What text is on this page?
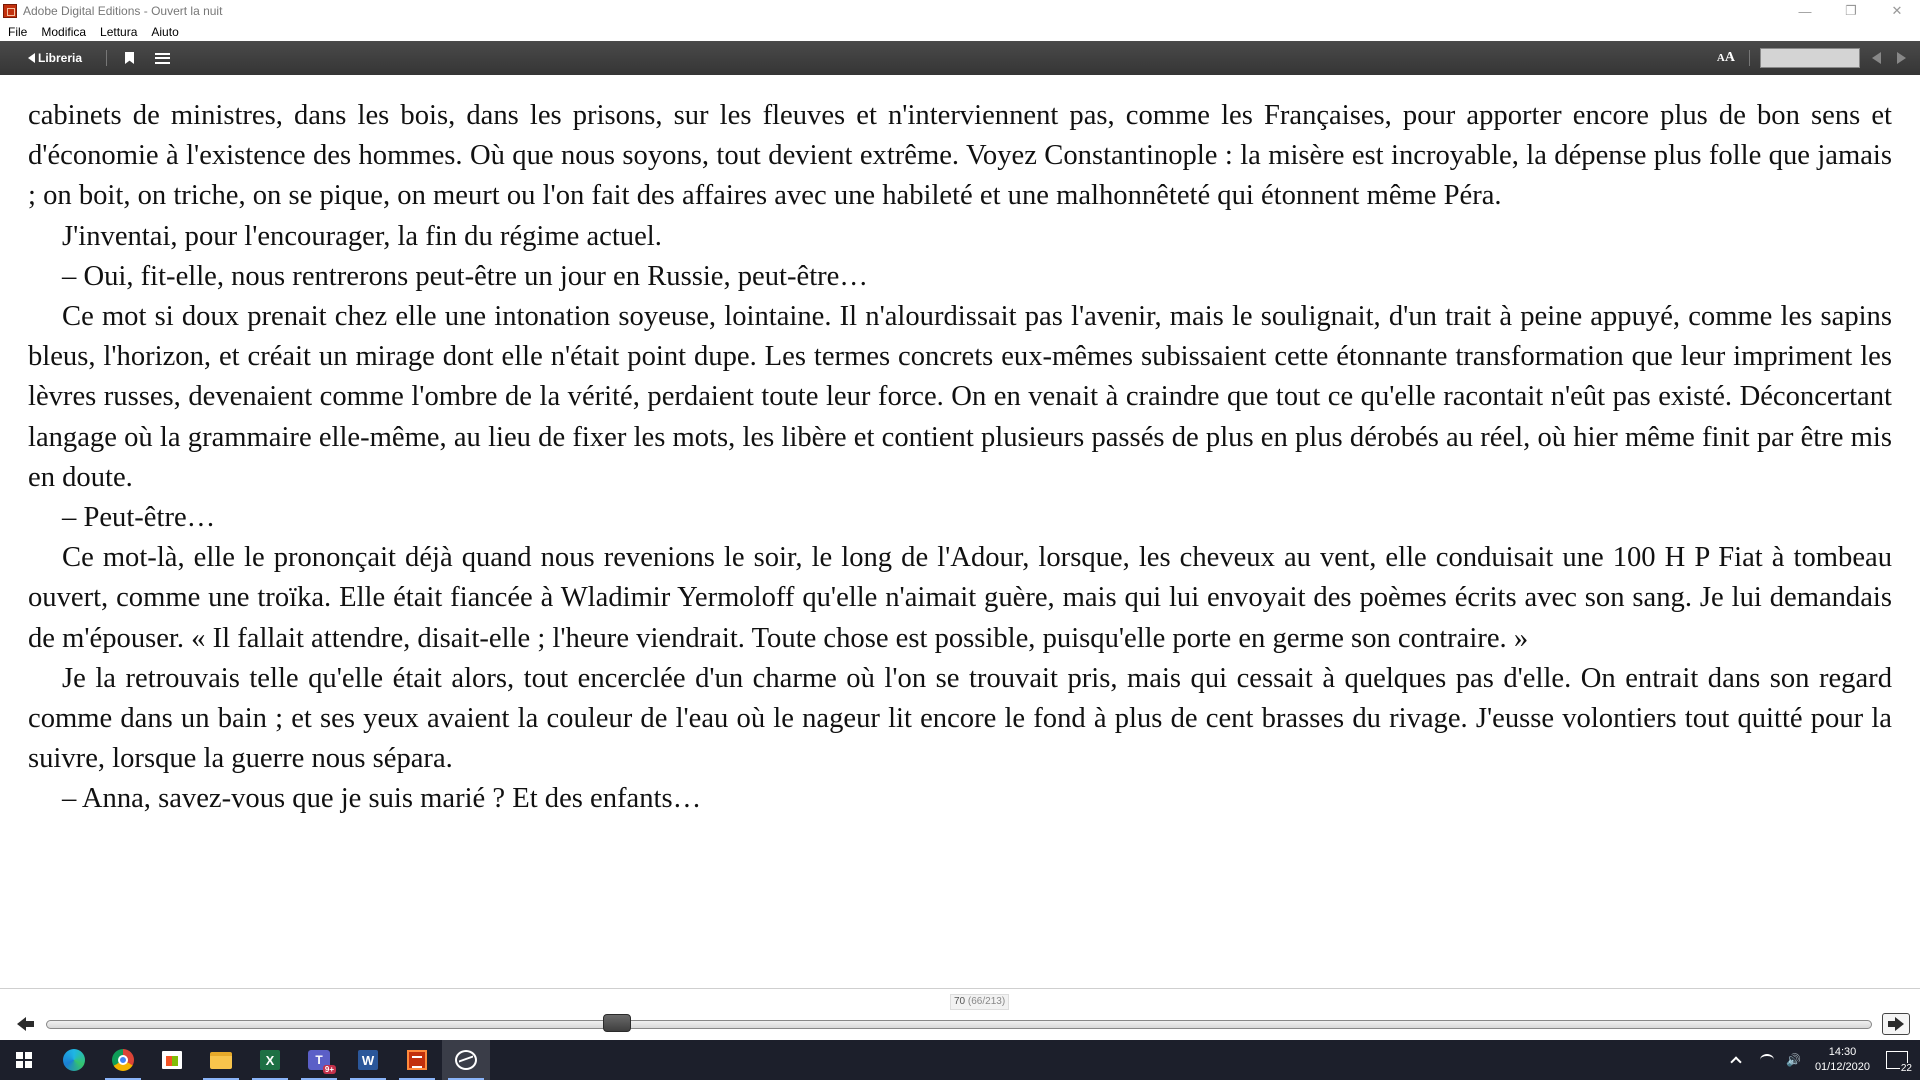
Adobe Digital Editions - Ouvert la nuit	—	❐	✕
File	Modifica	Lettura	Aiuto
Libreria	AA

cabinets de ministres, dans les bois, dans les prisons, sur les fleuves et n'interviennent pas, comme les Françaises, pour apporter encore plus de bon sens et d'économie à l'existence des hommes. Où que nous soyons, tout devient extrême. Voyez Constantinople : la misère est incroyable, la dépense plus folle que jamais ; on boit, on triche, on se pique, on meurt ou l'on fait des affaires avec une habileté et une malhonnêteté qui étonnent même Péra.

J'inventai, pour l'encourager, la fin du régime actuel.

– Oui, fit-elle, nous rentrerons peut-être un jour en Russie, peut-être…

Ce mot si doux prenait chez elle une intonation soyeuse, lointaine. Il n'alourdissait pas l'avenir, mais le soulignait, d'un trait à peine appuyé, comme les sapins bleus, l'horizon, et créait un mirage dont elle n'était point dupe. Les termes concrets eux-mêmes subissaient cette étonnante transformation que leur impriment les lèvres russes, devenaient comme l'ombre de la vérité, perdaient toute leur force. On en venait à craindre que tout ce qu'elle racontait n'eût pas existé. Déconcertant langage où la grammaire elle-même, au lieu de fixer les mots, les libère et contient plusieurs passés de plus en plus dérobés au réel, où hier même finit par être mis en doute.

– Peut-être…

Ce mot-là, elle le prononçait déjà quand nous revenions le soir, le long de l'Adour, lorsque, les cheveux au vent, elle conduisait une 100 H P Fiat à tombeau ouvert, comme une troïka. Elle était fiancée à Wladimir Yermoloff qu'elle n'aimait guère, mais qui lui envoyait des poèmes écrits avec son sang. Je lui demandais de m'épouser. « Il fallait attendre, disait-elle ; l'heure viendrait. Toute chose est possible, puisqu'elle porte en germe son contraire. »

Je la retrouvais telle qu'elle était alors, tout encerclée d'un charme où l'on se trouvait pris, mais qui cessait à quelques pas d'elle. On entrait dans son regard comme dans un bain ; et ses yeux avaient la couleur de l'eau où le nageur lit encore le fond à plus de cent brasses du rivage. J'eusse volontiers tout quitté pour la suivre, lorsque la guerre nous sépara.

– Anna, savez-vous que je suis marié ? Et des enfants…

70 (66/213)
X	T
9+
W	🔊
14:30
01/12/2020	22
